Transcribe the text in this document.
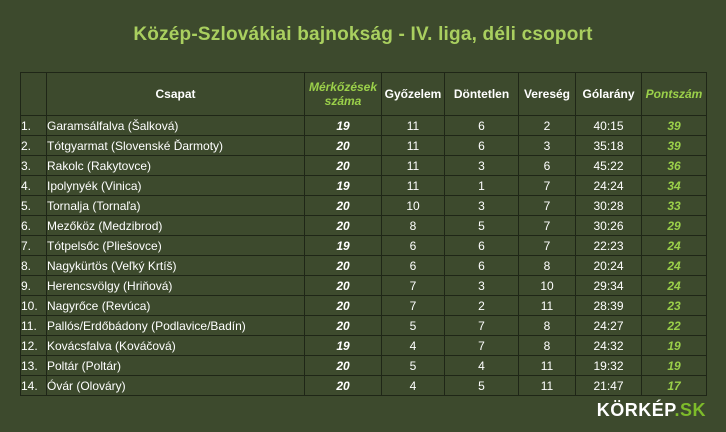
Közép-Szlovákiai bajnokság - IV. liga, déli csoport
	Csapat	Mérkőzések száma	Győzelem	Döntetlen	Vereség	Gólarány	Pontszám
1.	Garamsálfalva (Šalková)	19	11	6	2	40:15	39
2.	Tótgyarmat (Slovenské Ďarmoty)	20	11	6	3	35:18	39
3.	Rakolc (Rakytovce)	20	11	3	6	45:22	36
4.	Ipolynyék (Vinica)	19	11	1	7	24:24	34
5.	Tornalja (Tornaľa)	20	10	3	7	30:28	33
6.	Mezőköz (Medzibrod)	20	8	5	7	30:26	29
7.	Tótpelsőc (Pliešovce)	19	6	6	7	22:23	24
8.	Nagykürtös (Veľký Krtíš)	20	6	6	8	20:24	24
9.	Herencsvölgy (Hriňová)	20	7	3	10	29:34	24
10.	Nagyrőce (Revúca)	20	7	2	11	28:39	23
11.	Pallós/Erdőbádony (Podlavice/Badín)	20	5	7	8	24:27	22
12.	Kovácsfalva (Kováčová)	19	4	7	8	24:32	19
13.	Poltár (Poltár)	20	5	4	11	19:32	19
14.	Óvár (Olováry)	20	4	5	11	21:47	17
KÖRKÉP.SK
